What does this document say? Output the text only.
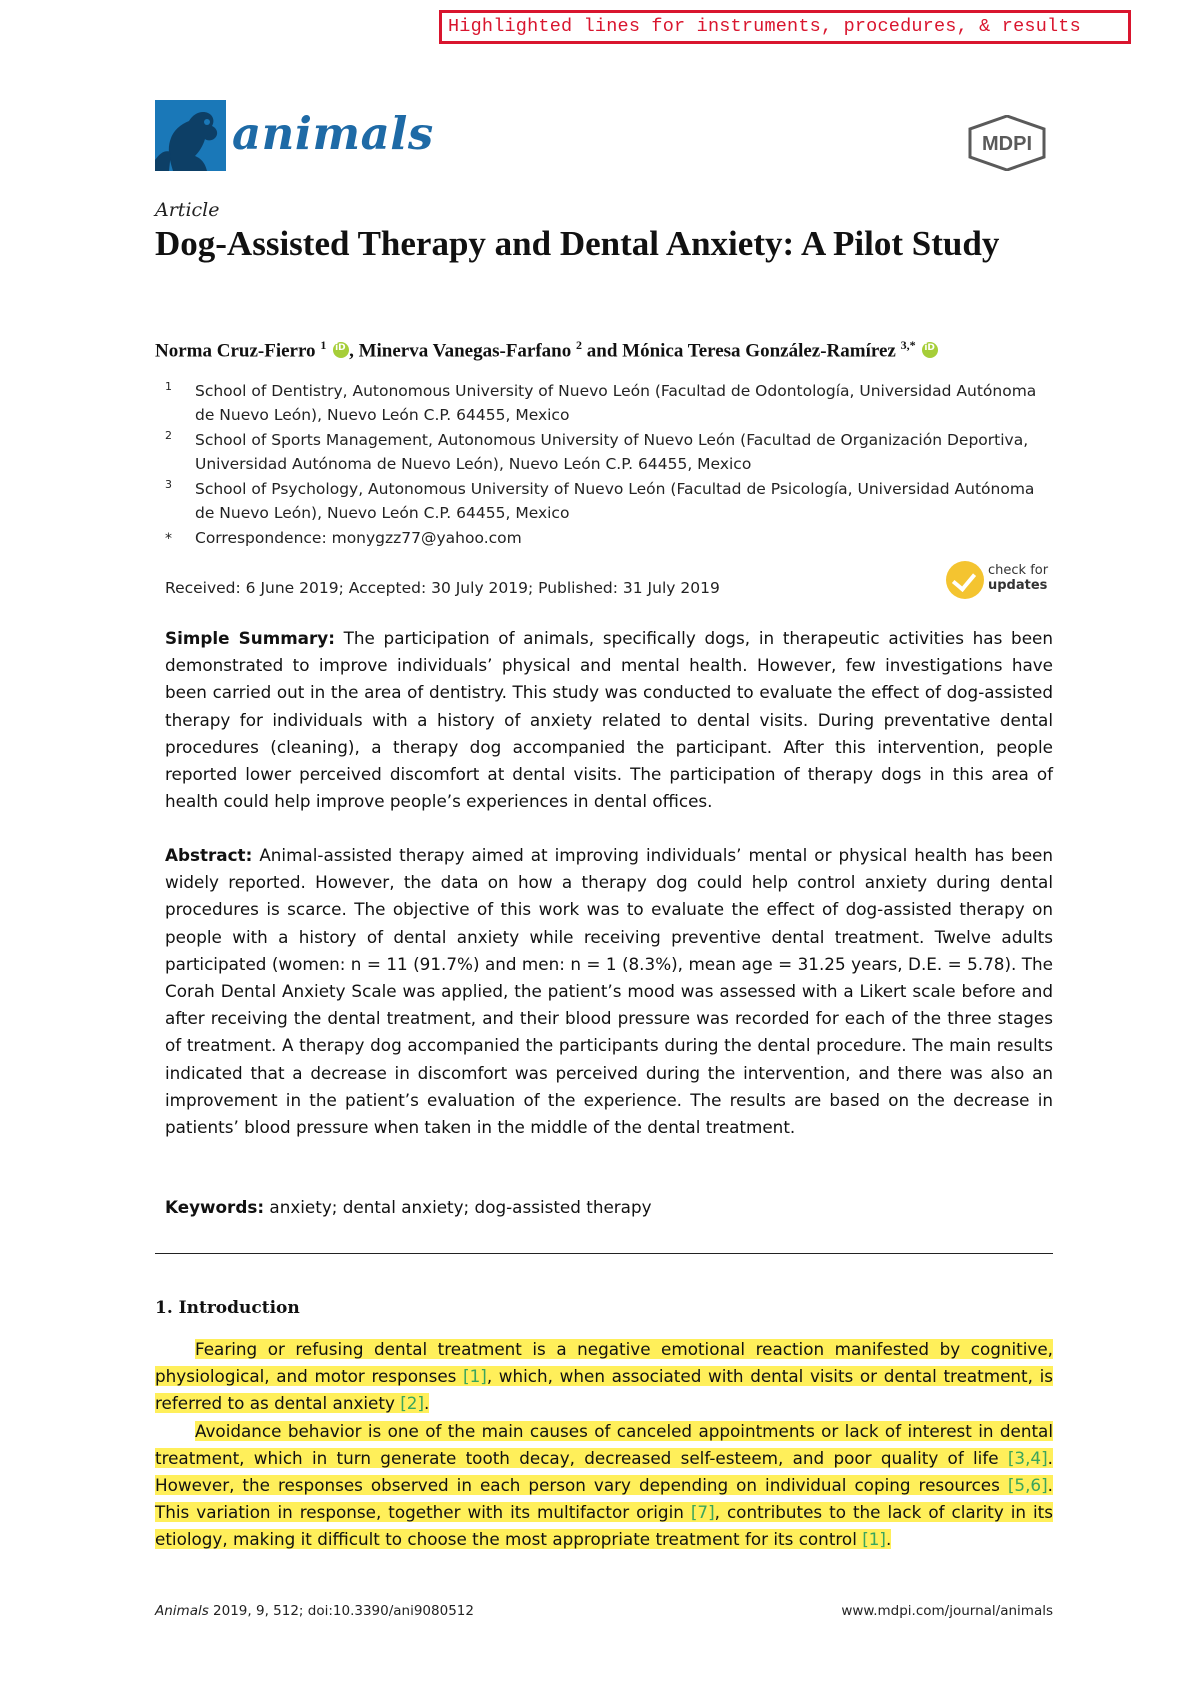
Highlighted lines for instruments, procedures, & results
animals	MDPI
Article
Dog-Assisted Therapy and Dental Anxiety: A Pilot Study
Norma Cruz-Fierro $^1$ iD , Minerva Vanegas-Farfano $^2$ and Mónica Teresa González-Ramírez $^{3,*}$ iD
1 School of Dentistry, Autonomous University of Nuevo León (Facultad de Odontología, Universidad Autónoma de Nuevo León), Nuevo León C.P. 64455, Mexico
2 School of Sports Management, Autonomous University of Nuevo León (Facultad de Organización Deportiva, Universidad Autónoma de Nuevo León), Nuevo León C.P. 64455, Mexico
3 School of Psychology, Autonomous University of Nuevo León (Facultad de Psicología, Universidad Autónoma de Nuevo León), Nuevo León C.P. 64455, Mexico
* Correspondence: monygzz77@yahoo.com
Received: 6 June 2019; Accepted: 30 July 2019; Published: 31 July 2019
check for
updates

Simple Summary: The participation of animals, specifically dogs, in therapeutic activities has been demonstrated to improve individuals’ physical and mental health. However, few investigations have been carried out in the area of dentistry. This study was conducted to evaluate the effect of dog-assisted therapy for individuals with a history of anxiety related to dental visits. During preventative dental procedures (cleaning), a therapy dog accompanied the participant. After this intervention, people reported lower perceived discomfort at dental visits. The participation of therapy dogs in this area of health could help improve people’s experiences in dental offices.

Abstract: Animal-assisted therapy aimed at improving individuals’ mental or physical health has been widely reported. However, the data on how a therapy dog could help control anxiety during dental procedures is scarce. The objective of this work was to evaluate the effect of dog-assisted therapy on people with a history of dental anxiety while receiving preventive dental treatment. Twelve adults participated (women: n = 11 (91.7%) and men: n = 1 (8.3%), mean age = 31.25 years, D.E. = 5.78). The Corah Dental Anxiety Scale was applied, the patient’s mood was assessed with a Likert scale before and after receiving the dental treatment, and their blood pressure was recorded for each of the three stages of treatment. A therapy dog accompanied the participants during the dental procedure. The main results indicated that a decrease in discomfort was perceived during the intervention, and there was also an improvement in the patient’s evaluation of the experience. The results are based on the decrease in patients’ blood pressure when taken in the middle of the dental treatment.

Keywords: anxiety; dental anxiety; dog-assisted therapy

1. Introduction

Fearing or refusing dental treatment is a negative emotional reaction manifested by cognitive, physiological, and motor responses [1], which, when associated with dental visits or dental treatment, is referred to as dental anxiety [2].

Avoidance behavior is one of the main causes of canceled appointments or lack of interest in dental treatment, which in turn generate tooth decay, decreased self-esteem, and poor quality of life [3,4]. However, the responses observed in each person vary depending on individual coping resources [5,6]. This variation in response, together with its multifactor origin [7], contributes to the lack of clarity in its etiology, making it difficult to choose the most appropriate treatment for its control [1].

Animals 2019, 9, 512; doi:10.3390/ani9080512	www.mdpi.com/journal/animals
